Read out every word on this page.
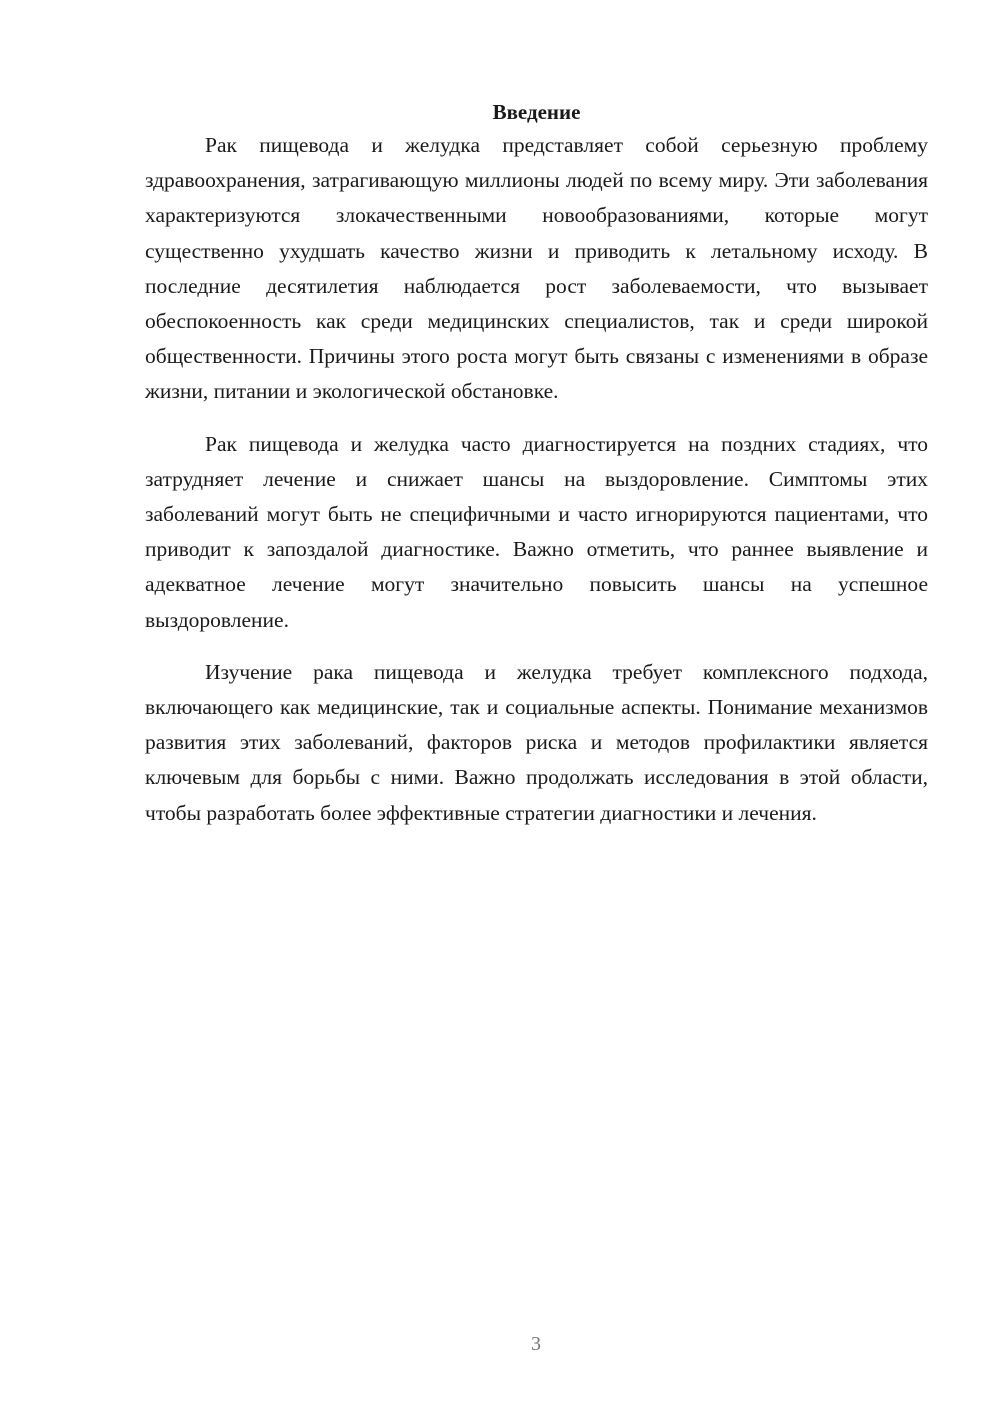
Введение

Рак пищевода и желудка представляет собой серьезную проблему здравоохранения, затрагивающую миллионы людей по всему миру. Эти заболевания характеризуются злокачественными новообразованиями, которые могут существенно ухудшать качество жизни и приводить к летальному исходу. В последние десятилетия наблюдается рост заболеваемости, что вызывает обеспокоенность как среди медицинских специалистов, так и среди широкой общественности. Причины этого роста могут быть связаны с изменениями в образе жизни, питании и экологической обстановке.

Рак пищевода и желудка часто диагностируется на поздних стадиях, что затрудняет лечение и снижает шансы на выздоровление. Симптомы этих заболеваний могут быть не специфичными и часто игнорируются пациентами, что приводит к запоздалой диагностике. Важно отметить, что раннее выявление и адекватное лечение могут значительно повысить шансы на успешное выздоровление.

Изучение рака пищевода и желудка требует комплексного подхода, включающего как медицинские, так и социальные аспекты. Понимание механизмов развития этих заболеваний, факторов риска и методов профилактики является ключевым для борьбы с ними. Важно продолжать исследования в этой области, чтобы разработать более эффективные стратегии диагностики и лечения.

3
